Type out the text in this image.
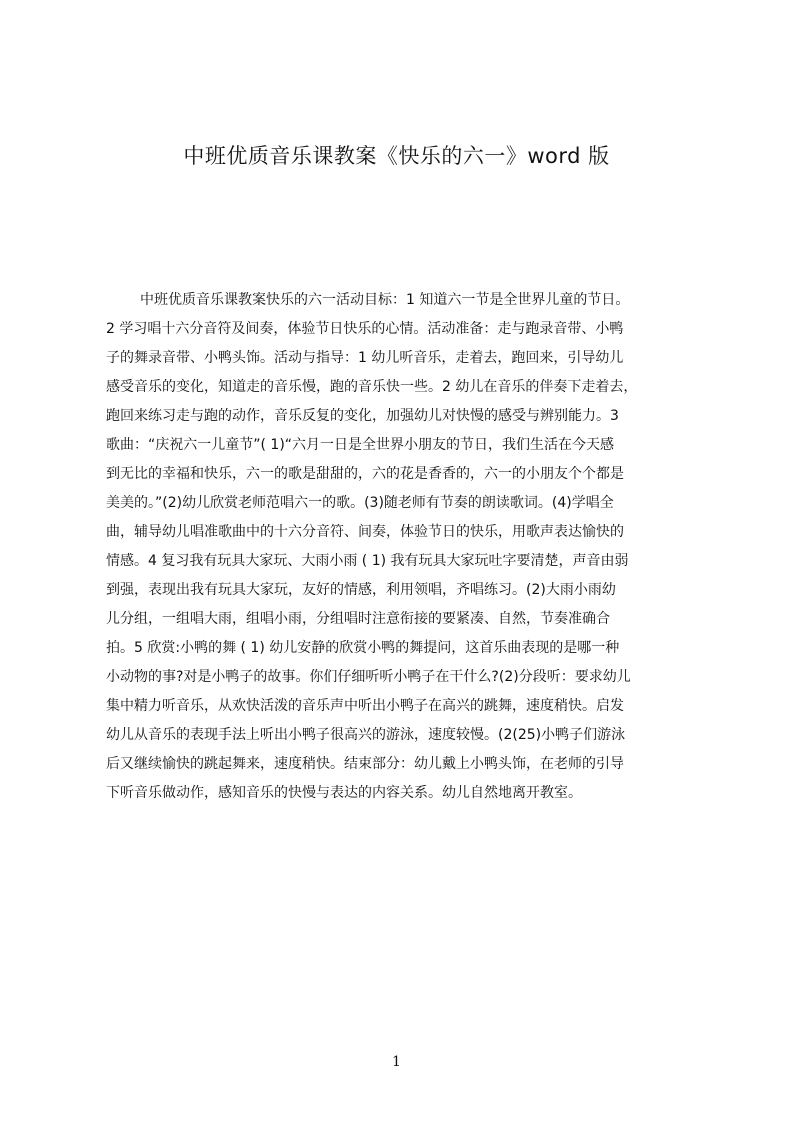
中班优质音乐课教案《快乐的六一》word 版
中班优质音乐课教案快乐的六一活动目标：1 知道六一节是全世界儿童的节日。
2 学习唱十六分音符及间奏，体验节日快乐的心情。活动准备：走与跑录音带、小鸭
子的舞录音带、小鸭头饰。活动与指导：1 幼儿听音乐，走着去，跑回来，引导幼儿
感受音乐的变化，知道走的音乐慢，跑的音乐快一些。2 幼儿在音乐的伴奏下走着去，
跑回来练习走与跑的动作，音乐反复的变化，加强幼儿对快慢的感受与辨别能力。3
歌曲：“庆祝六一儿童节”( 1)“六月一日是全世界小朋友的节日，我们生活在今天感
到无比的幸福和快乐，六一的歌是甜甜的，六的花是香香的，六一的小朋友个个都是
美美的。”(2)幼儿欣赏老师范唱六一的歌。(3)随老师有节奏的朗读歌词。(4)学唱全
曲，辅导幼儿唱准歌曲中的十六分音符、间奏，体验节日的快乐，用歌声表达愉快的
情感。4 复习我有玩具大家玩、大雨小雨 ( 1) 我有玩具大家玩吐字要清楚，声音由弱
到强，表现出我有玩具大家玩，友好的情感，利用领唱，齐唱练习。(2)大雨小雨幼
儿分组，一组唱大雨，组唱小雨，分组唱时注意衔接的要紧凑、自然，节奏准确合
拍。5 欣赏:小鸭的舞 ( 1) 幼儿安静的欣赏小鸭的舞提问，这首乐曲表现的是哪一种
小动物的事?对是小鸭子的故事。你们仔细听听小鸭子在干什么?(2)分段听：要求幼儿
集中精力听音乐，从欢快活泼的音乐声中听出小鸭子在高兴的跳舞，速度稍快。启发
幼儿从音乐的表现手法上听出小鸭子很高兴的游泳，速度较慢。(2(25)小鸭子们游泳
后又继续愉快的跳起舞来，速度稍快。结束部分：幼儿戴上小鸭头饰，在老师的引导
下听音乐做动作，感知音乐的快慢与表达的内容关系。幼儿自然地离开教室。
1
